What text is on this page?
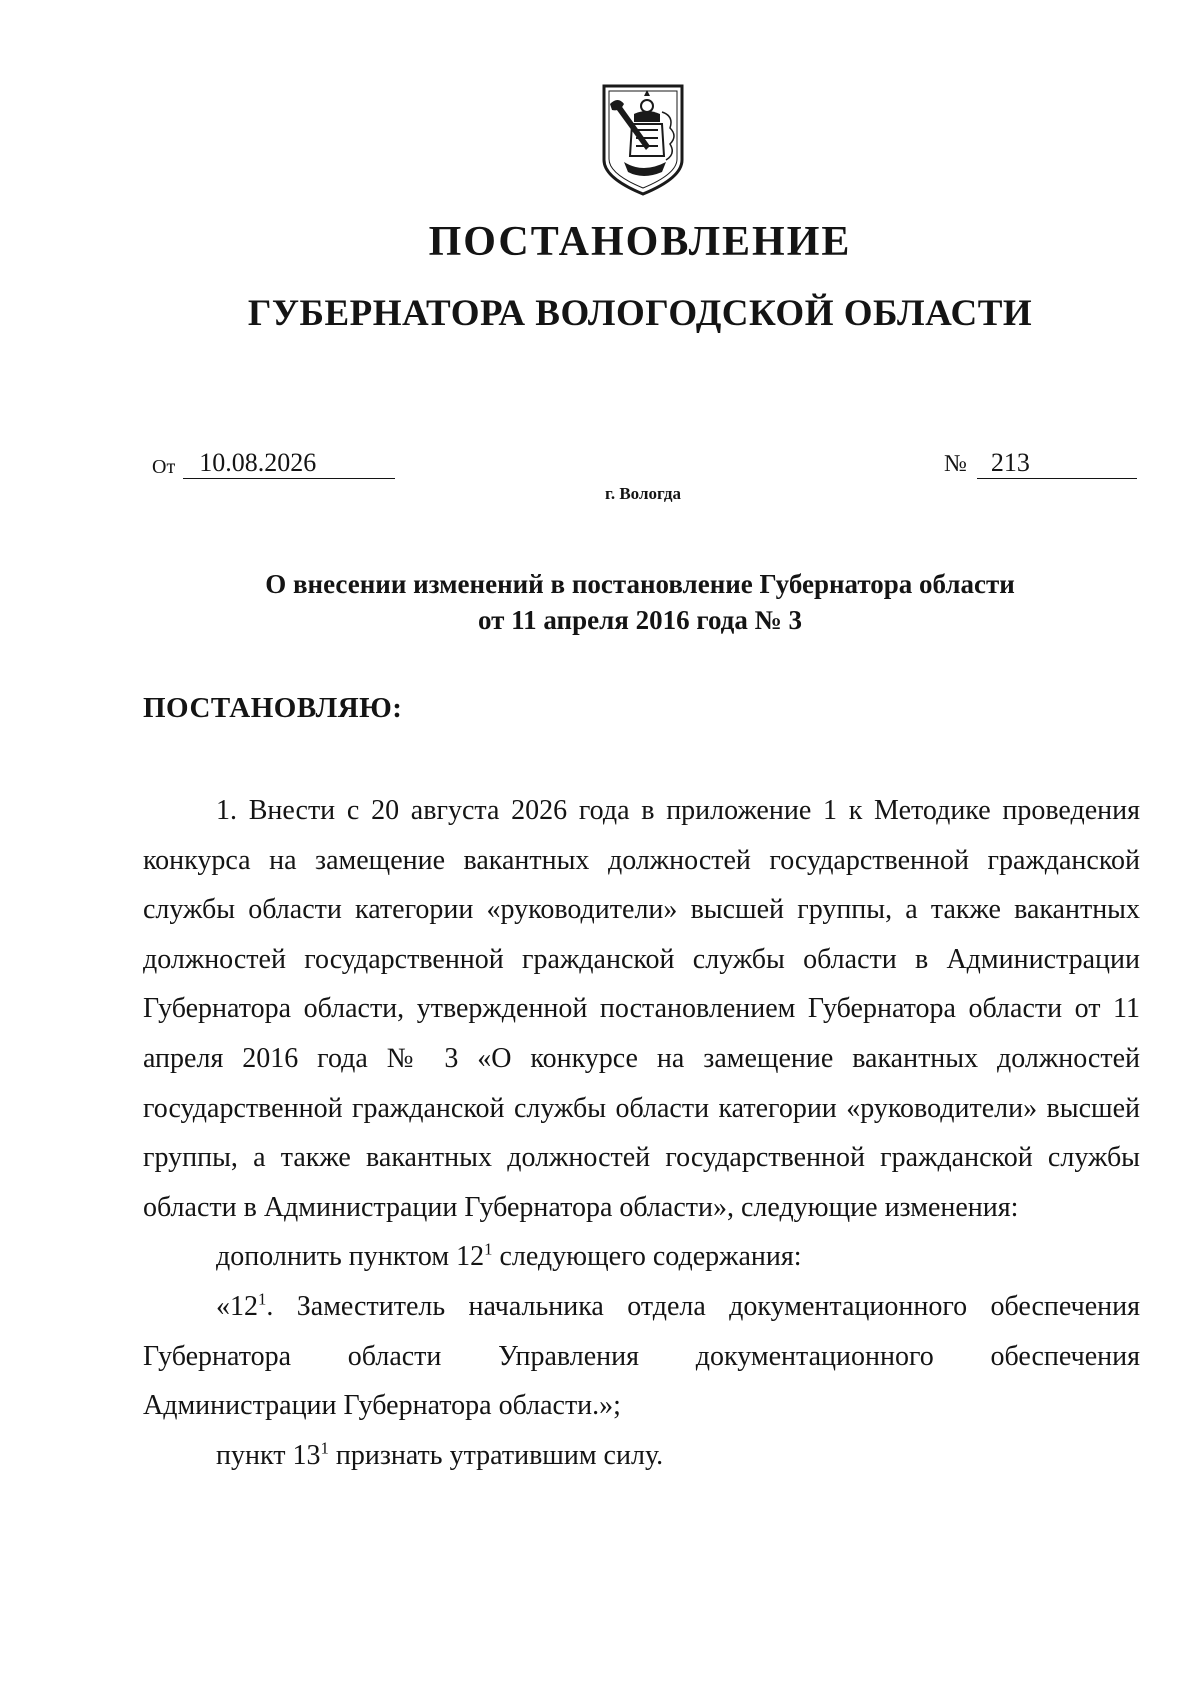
ПОСТАНОВЛЕНИЕ
ГУБЕРНАТОРА ВОЛОГОДСКОЙ ОБЛАСТИ
От 10.08.2026	№ 213
г. Вологда
О внесении изменений в постановление Губернатора области
от 11 апреля 2016 года № 3
ПОСТАНОВЛЯЮ:

1. Внести с 20 августа 2026 года в приложение 1 к Методике проведения конкурса на замещение вакантных должностей государственной гражданской службы области категории «руководители» высшей группы, а также вакантных должностей государственной гражданской службы области в Администрации Губернатора области, утвержденной постановлением Губернатора области от 11 апреля 2016 года № 3 «О конкурсе на замещение вакантных должностей государственной гражданской службы области категории «руководители» высшей группы, а также вакантных должностей государственной гражданской службы области в Администрации Губернатора области», следующие изменения:

дополнить пунктом $12^1$ следующего содержания:

«$12^1$. Заместитель начальника отдела документационного обеспечения Губернатора области Управления документационного обеспечения Администрации Губернатора области.»;

пункт $13^1$ признать утратившим силу.
